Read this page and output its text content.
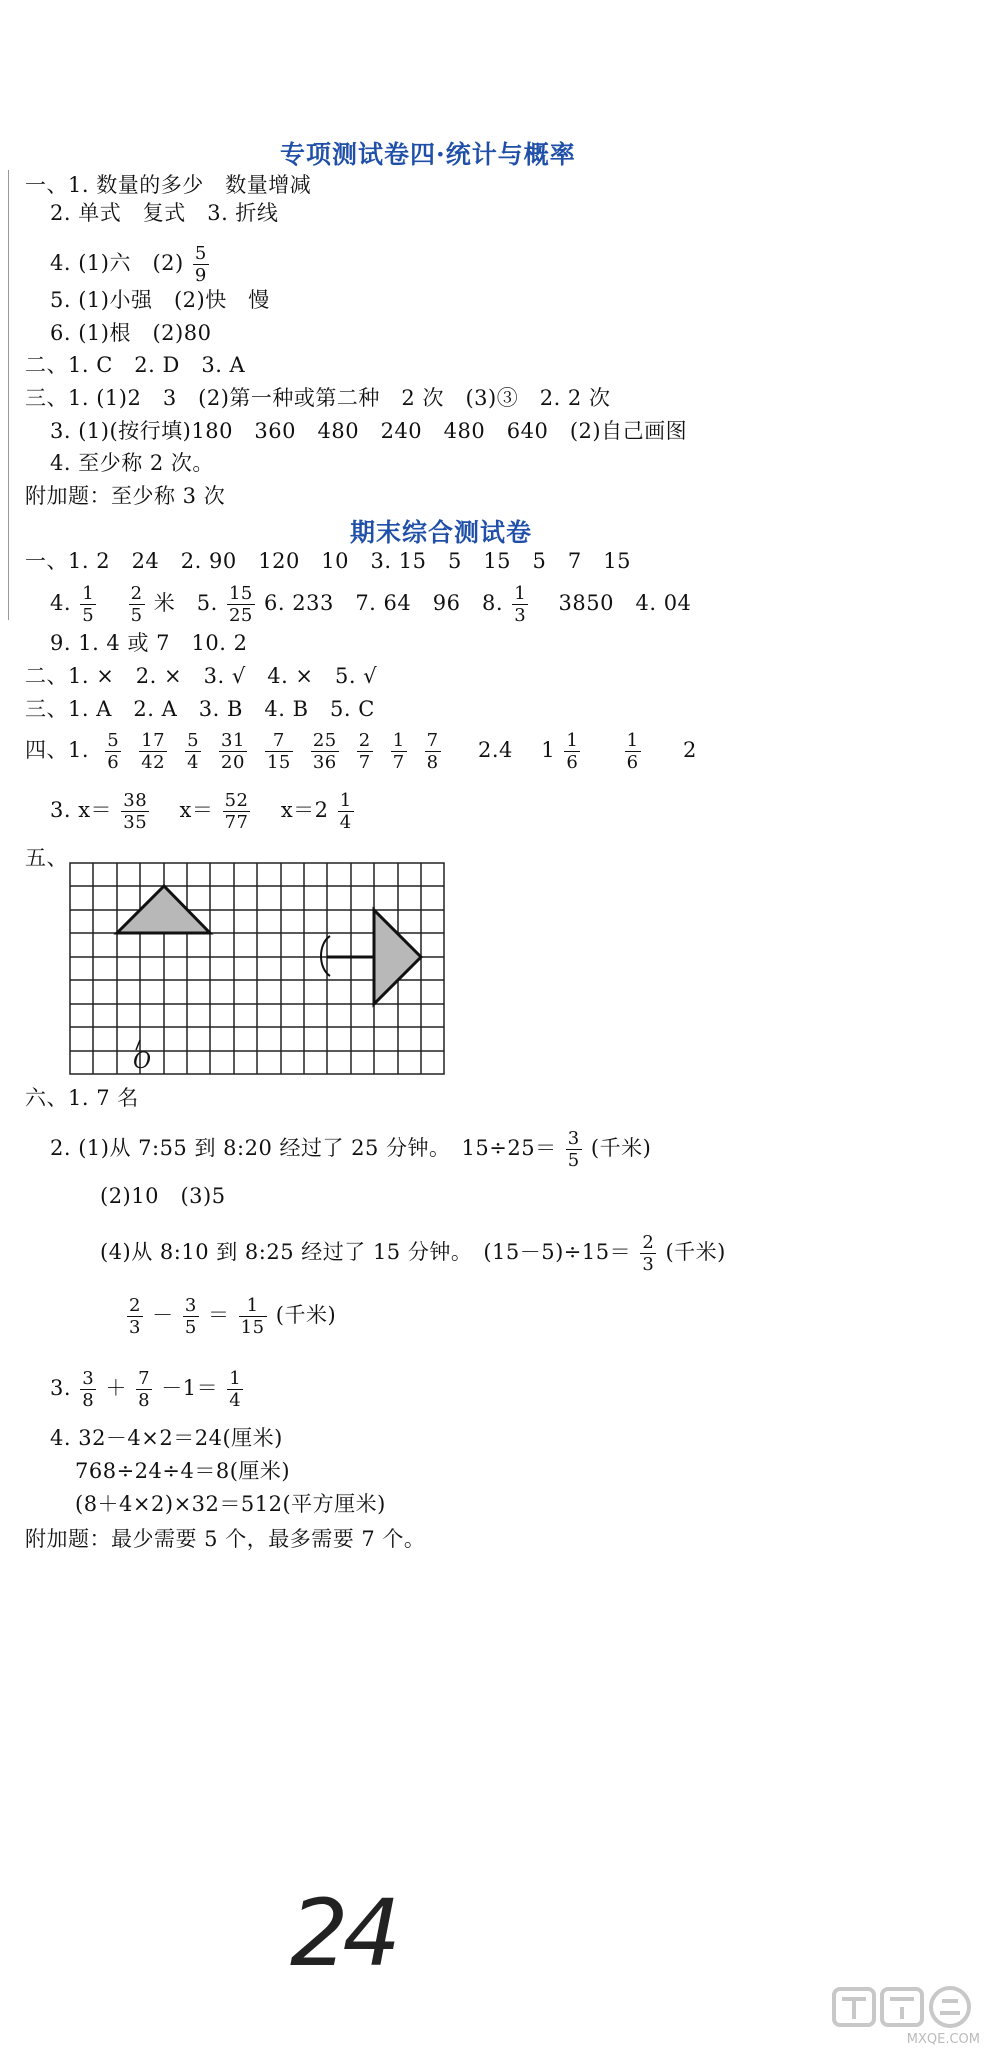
专项测试卷四·统计与概率
一、1. 数量的多少　数量增减
2. 单式　复式　3. 折线
4. (1)六　$(2) \frac{5}{9}$
5. (1)小强　(2)快　慢
6. (1)根　(2)80
二、1. C　2. D　3. A
三、1. (1)2　3　(2)第一种或第二种　2 次　(3)③　2. 2 次
3. (1)(按行填)180　360　480　240　480　640　(2)自己画图
4. 至少称 2 次。
附加题：至少称 3 次
期末综合测试卷
一、1. 2　24　2. 90　120　10　3. 15　5　15　5　7　15
4. $\frac{1}{5}$
$\frac{2}{5}$ 米　5. $\frac{15}{25} 6$. 233　7. 64　96　8. $\frac{1}{3} 3850$　4. 04
9. 1. 4 或 7　10. 2
二、1. ×　2. ×　3. √　4. ×　5. √
三、1. A　2. A　3. B　4. B　5. C
四、1. $\frac{5}{6} \frac{17}{42} \frac{5}{4} \frac{31}{20} \frac{7}{15} \frac{25}{36} \frac{2}{7} \frac{1}{7} \frac{7}{8} 2.4$ $1 \frac{1}{6}$
$\frac{1}{6} 2$
3. $x= \frac{38}{35} x= \frac{52}{77} x=2 \frac{1}{4}$
五、
O
六、1. 7 名
2. (1)从 7:55 到 8:20 经过了 25 分钟。　$15\div 25= \frac{3}{5}$ (千米)
(2)10　(3)5
(4)从 8:10 到 8:25 经过了 15 分钟。　$(15-5)\div 15= \frac{2}{3}$ (千米)
$\frac{2}{3} - \frac{3}{5} = \frac{1}{15}$ (千米)
3. $\frac{3}{8} + \frac{7}{8} -1= \frac{1}{4}$
4. 32－4×2＝24(厘米)
768÷24÷4＝8(厘米)
(8＋4×2)×32＝512(平方厘米)
附加题：最少需要 5 个，最多需要 7 个。
24
MXQE.COM
